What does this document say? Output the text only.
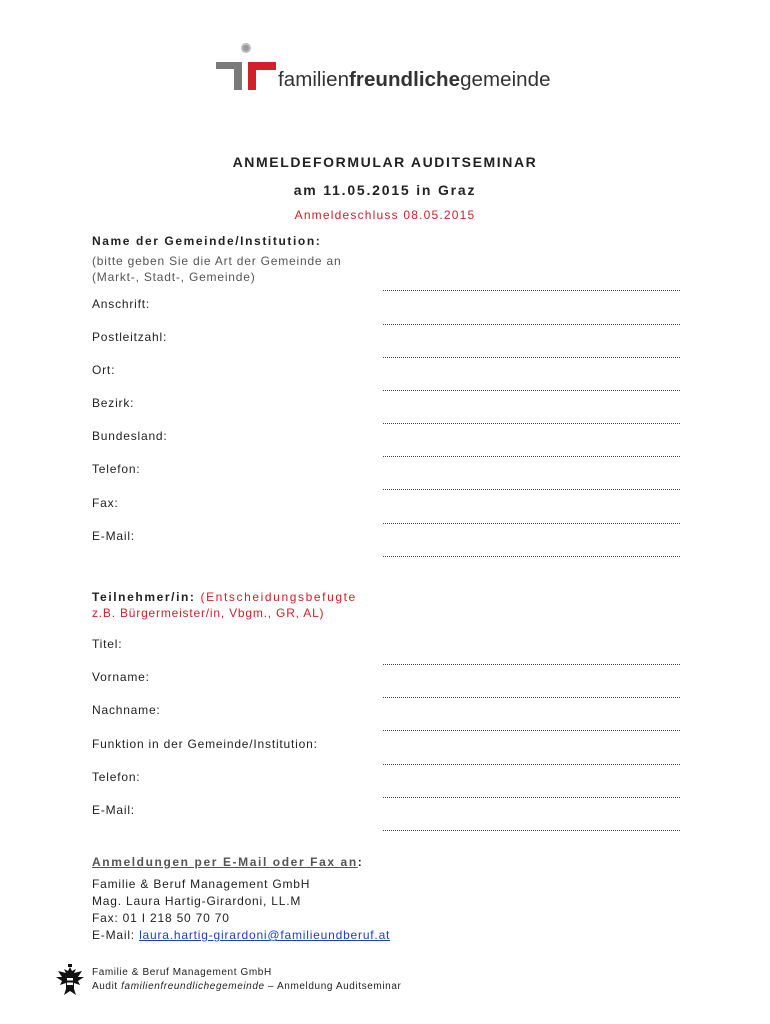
familienfreundlichegemeinde
ANMELDEFORMULAR AUDITSEMINAR
am 11.05.2015 in Graz
Anmeldeschluss 08.05.2015
Name der Gemeinde/Institution:
(bitte geben Sie die Art der Gemeinde an
(Markt-, Stadt-, Gemeinde)
Anschrift:
Postleitzahl:
Ort:
Bezirk:
Bundesland:
Telefon:
Fax:
E-Mail:
Teilnehmer/in: (Entscheidungsbefugte
z.B. Bürgermeister/in, Vbgm., GR, AL)
Titel:
Vorname:
Nachname:
Funktion in der Gemeinde/Institution:
Telefon:
E-Mail:
Anmeldungen per E-Mail oder Fax an:
Familie & Beruf Management GmbH
Mag. Laura Hartig-Girardoni, LL.M
Fax: 01 I 218 50 70 70
E-Mail: laura.hartig-girardoni@familieundberuf.at
Familie & Beruf Management GmbH
Audit familienfreundlichegemeinde – Anmeldung Auditseminar
